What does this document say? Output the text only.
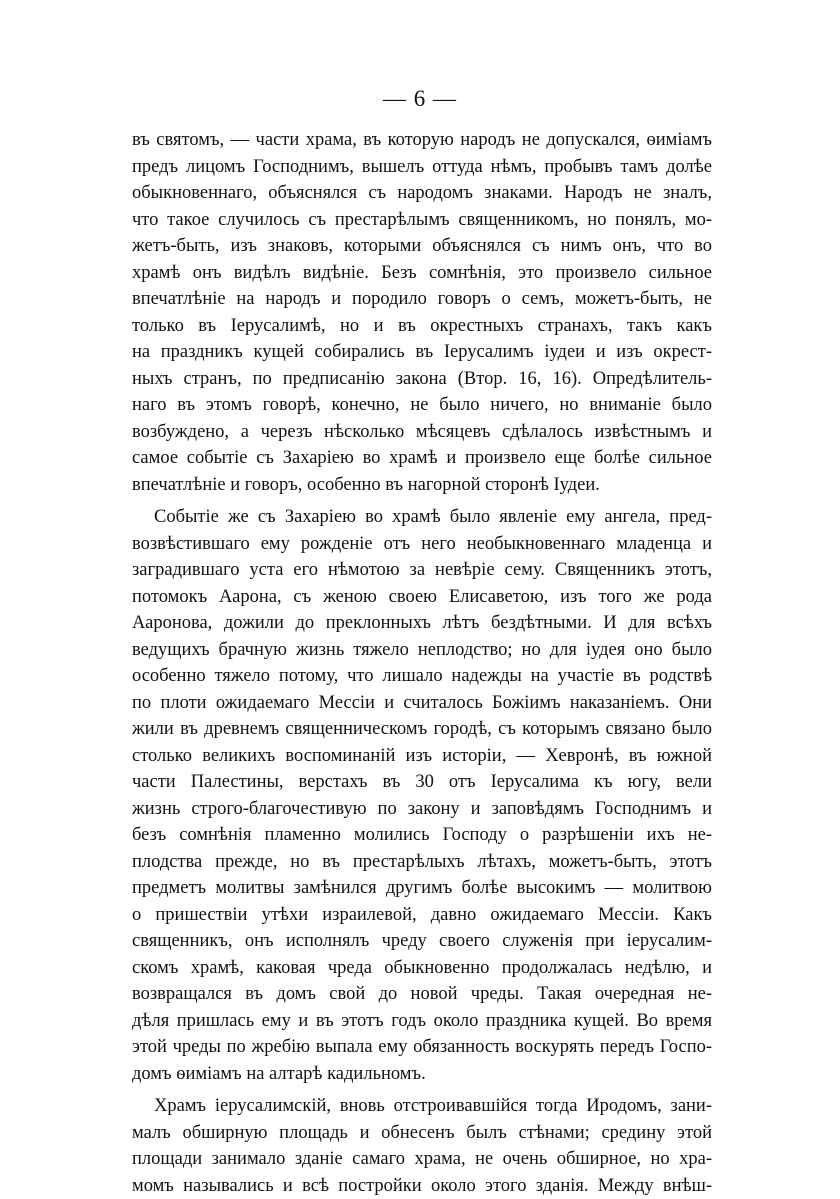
— 6 —
въ святомъ, — части храма, въ которую народъ не допускался, ѳиміамъ
предъ лицомъ Господнимъ, вышелъ оттуда нѣмъ, пробывъ тамъ долѣе
обыкновеннаго, объяснялся съ народомъ знаками. Народъ не зналъ,
что такое случилось съ престарѣлымъ священникомъ, но понялъ, мо-
жетъ-быть, изъ знаковъ, которыми объяснялся съ нимъ онъ, что во
храмѣ онъ видѣлъ видѣніе. Безъ сомнѣнія, это произвело сильное
впечатлѣніе на народъ и породило говоръ о семъ, можетъ-быть, не
только въ Іерусалимѣ, но и въ окрестныхъ странахъ, такъ какъ
на праздникъ кущей собирались въ Іерусалимъ іудеи и изъ окрест-
ныхъ странъ, по предписанію закона (Втор. 16, 16). Опредѣлитель-
наго въ этомъ говорѣ, конечно, не было ничего, но вниманіе было
возбуждено, а черезъ нѣсколько мѣсяцевъ сдѣлалось извѣстнымъ и
самое событіе съ Захаріею во храмѣ и произвело еще болѣе сильное
впечатлѣніе и говоръ, особенно въ нагорной сторонѣ Іудеи.
Событіе же съ Захаріею во храмѣ было явленіе ему ангела, пред-
возвѣстившаго ему рожденіе отъ него необыкновеннаго младенца и
заградившаго уста его нѣмотою за невѣріе сему. Священникъ этотъ,
потомокъ Аарона, съ женою своею Елисаветою, изъ того же рода
Ааронова, дожили до преклонныхъ лѣтъ бездѣтными. И для всѣхъ
ведущихъ брачную жизнь тяжело неплодство; но для іудея оно было
особенно тяжело потому, что лишало надежды на участіе въ родствѣ
по плоти ожидаемаго Мессіи и считалось Божіимъ наказаніемъ. Они
жили въ древнемъ священническомъ городѣ, съ которымъ связано было
столько великихъ воспоминаній изъ исторіи, — Хевронѣ, въ южной
части Палестины, верстахъ въ 30 отъ Іерусалима къ югу, вели
жизнь строго-благочестивую по закону и заповѣдямъ Господнимъ и
безъ сомнѣнія пламенно молились Господу о разрѣшеніи ихъ не-
плодства прежде, но въ престарѣлыхъ лѣтахъ, можетъ-быть, этотъ
предметъ молитвы замѣнился другимъ болѣе высокимъ — молитвою
о пришествіи утѣхи израилевой, давно ожидаемаго Мессіи. Какъ
священникъ, онъ исполнялъ чреду своего служенія при іерусалим-
скомъ храмѣ, каковая чреда обыкновенно продолжалась недѣлю, и
возвращался въ домъ свой до новой чреды. Такая очередная не-
дѣля пришлась ему и въ этотъ годъ около праздника кущей. Во время
этой чреды по жребію выпала ему обязанность воскурять передъ Госпо-
домъ ѳиміамъ на алтарѣ кадильномъ.
Храмъ іерусалимскій, вновь отстроивавшійся тогда Иродомъ, зани-
малъ обширную площадь и обнесенъ былъ стѣнами; средину этой
площади занимало зданіе самаго храма, не очень обширное, но хра-
момъ назывались и всѣ постройки около этого зданія. Между внѣш-
